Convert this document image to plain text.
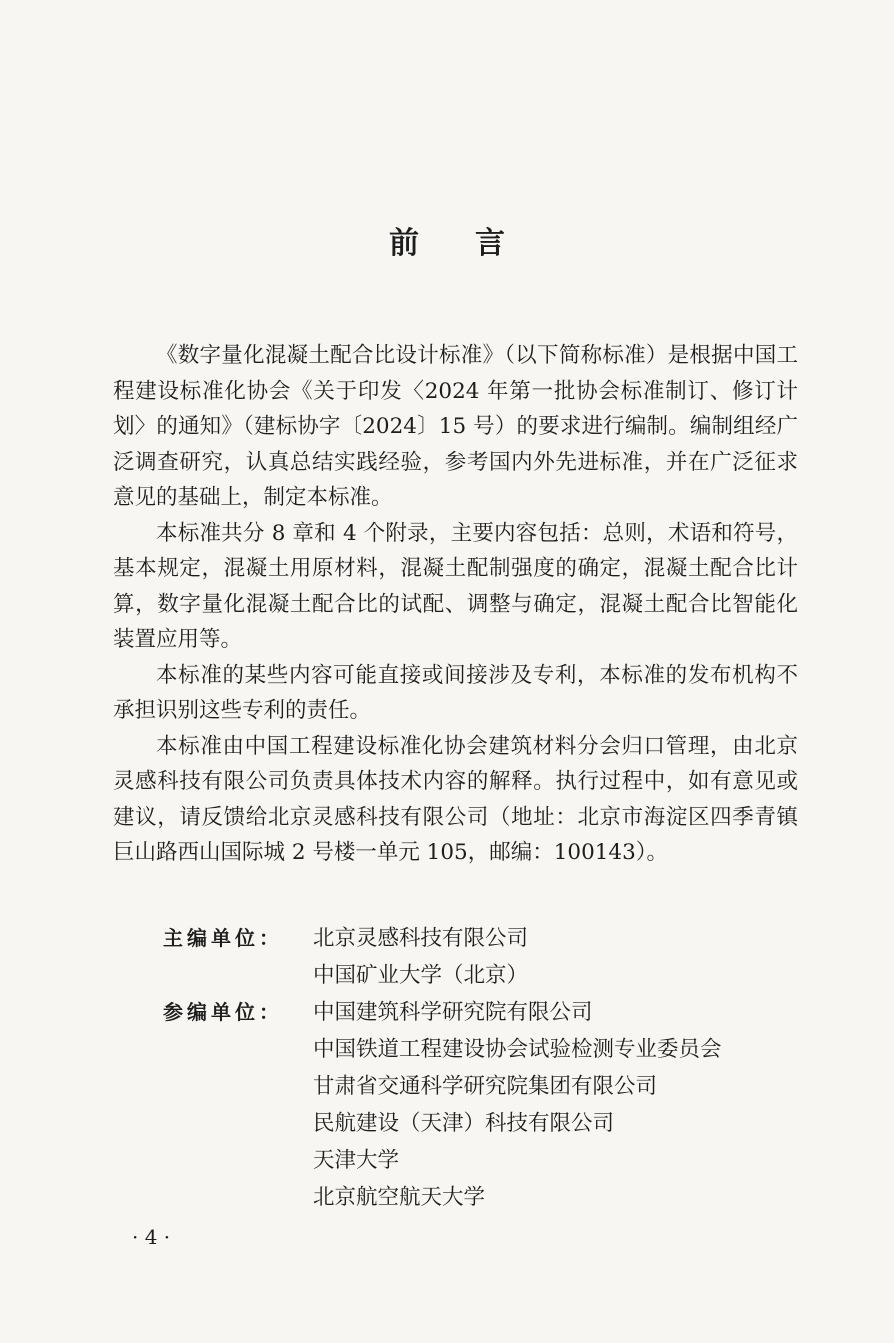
前 言

《数字量化混凝土配合比设计标准》（以下简称标准）是根据中国工程建设标准化协会《关于印发〈2024 年第一批协会标准制订、修订计划〉的通知》（建标协字〔2024〕15 号）的要求进行编制。编制组经广泛调查研究，认真总结实践经验，参考国内外先进标准，并在广泛征求意见的基础上，制定本标准。

本标准共分 8 章和 4 个附录，主要内容包括：总则，术语和符号，基本规定，混凝土用原材料，混凝土配制强度的确定，混凝土配合比计算，数字量化混凝土配合比的试配、调整与确定，混凝土配合比智能化装置应用等。

本标准的某些内容可能直接或间接涉及专利，本标准的发布机构不承担识别这些专利的责任。

本标准由中国工程建设标准化协会建筑材料分会归口管理，由北京灵感科技有限公司负责具体技术内容的解释。执行过程中，如有意见或建议，请反馈给北京灵感科技有限公司（地址：北京市海淀区四季青镇巨山路西山国际城 2 号楼一单元 105，邮编：100143）。

主编单位：	北京灵感科技有限公司
中国矿业大学（北京）
参编单位：	中国建筑科学研究院有限公司
中国铁道工程建设协会试验检测专业委员会
甘肃省交通科学研究院集团有限公司
民航建设（天津）科技有限公司
天津大学
北京航空航天大学
· 4 ·
